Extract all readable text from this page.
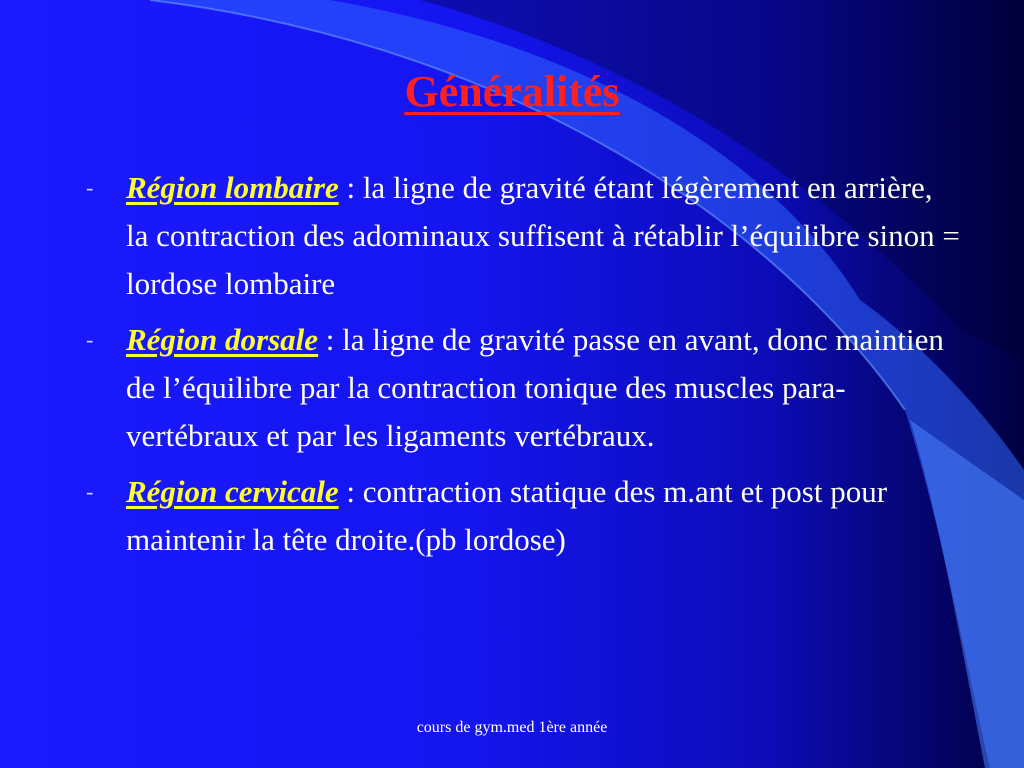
Généralités
- Région lombaire : la ligne de gravité étant légèrement en arrière, la contraction des adominaux suffisent à rétablir l’équilibre sinon = lordose lombaire
- Région dorsale : la ligne de gravité passe en avant, donc maintien de l’équilibre par la contraction tonique des muscles para-vertébraux et par les ligaments vertébraux.
- Région cervicale : contraction statique des m.ant et post pour maintenir la tête droite.(pb lordose)
cours de gym.med 1ère année
